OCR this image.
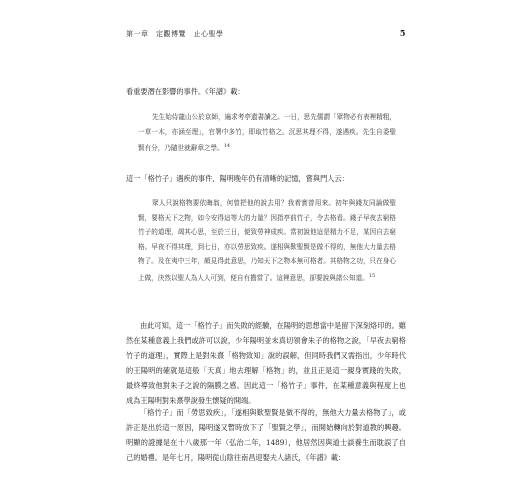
第一章　定觀博覽　止心聖學	5

看重要潛在影響的事件。《年譜》載：

先生始侍龍山公於京師，遍求考亭遺書讀之。一日，思先儒謂「眾物必有表裡精粗，一草一木，亦涵至理」，官署中多竹，即取竹格之。沉思其理不得，遂遇疾。先生自委聖賢有分，乃隨世就辭章之學。$^{14}$

這一「格竹子」遇疾的事件，陽明晚年仍有清晰的記憶，嘗與門人云：

眾人只說格物要依晦翁，何曾把他的說去用？我着實曾用來。初年與錢友同論做聖賢，要格天下之物，如今安得這等大的力量？因指亭前竹子，令去格看。錢子早夜去窮格竹子的道理，竭其心思，至於三日，便致勞神成疾。當初說他這是精力不足，某因自去窮格。早夜不得其理，到七日，亦以勞思致疾。遂相與歎聖賢是做不得的，無他大力量去格物了。及在夷中三年，頗見得此意思，乃知天下之物本無可格者。其格物之功，只在身心上做，決然以聖人為人人可到，便自有擔當了。這裡意思，卻要說與諸公知道。$^{15}$

由此可知，這一「格竹子」而失敗的經驗，在陽明的思想當中是留下深刻烙印的。雖然在某種意義上我們或許可以說，少年陽明並未真切領會朱子的格物之說，「早夜去窮格竹子的道理」，實際上是對朱熹「格物致知」說的誤解，但同時我們又需指出，少年時代的王陽明的確就是這般「天真」地去理解「格物」的，並且正是這一親身實踐的失敗，最終導致他對朱子之說的隔膜之感。因此這一「格竹子」事件，在某種意義與程度上也成為王陽明對朱熹學說發生懷疑的開端。

「格竹子」而「勞思致疾」，「遂相與歎聖賢是做不得的，無他大力量去格物了」，或許正是出於這一原因，陽明遂又暫時放下了「聖賢之學」，而開始轉向於對道教的興趣。明顯的證據是在十八歲那一年（弘治二年，1489），他居然因與道士談養生而耽誤了自己的婚禮。是年七月，陽明從山陰往南昌迎娶夫人諸氏，《年譜》載：
